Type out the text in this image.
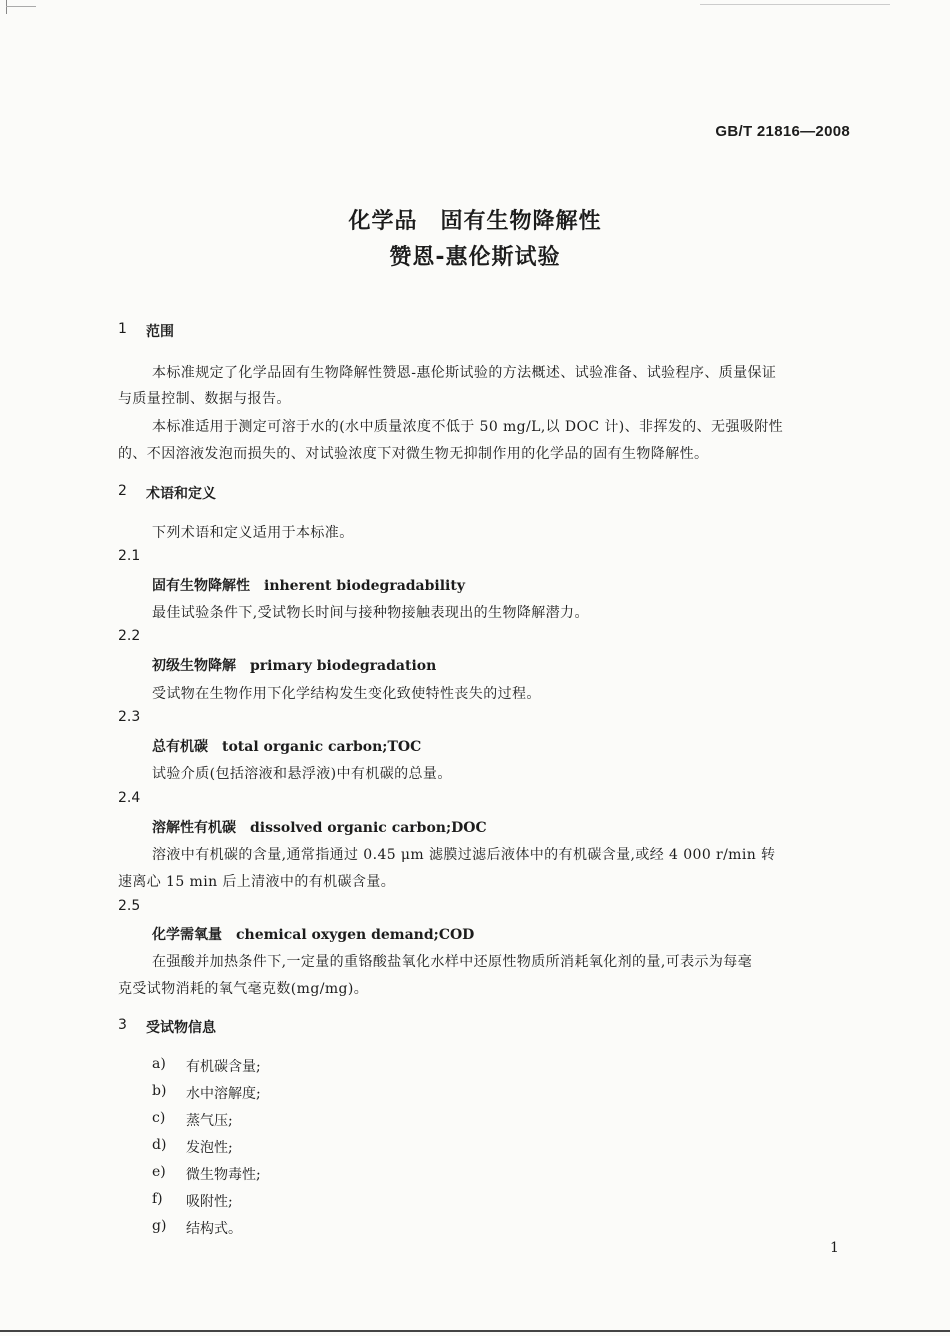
GB/T 21816—2008
化学品　固有生物降解性
赞恩-惠伦斯试验
1 范围
本标准规定了化学品固有生物降解性赞恩-惠伦斯试验的方法概述、试验准备、试验程序、质量保证
与质量控制、数据与报告。
本标准适用于测定可溶于水的(水中质量浓度不低于 50 mg/L,以 DOC 计)、非挥发的、无强吸附性
的、不因溶液发泡而损失的、对试验浓度下对微生物无抑制作用的化学品的固有生物降解性。
2 术语和定义
下列术语和定义适用于本标准。
2.1
固有生物降解性　inherent biodegradability
最佳试验条件下,受试物长时间与接种物接触表现出的生物降解潜力。
2.2
初级生物降解　primary biodegradation
受试物在生物作用下化学结构发生变化致使特性丧失的过程。
2.3
总有机碳　total organic carbon;TOC
试验介质(包括溶液和悬浮液)中有机碳的总量。
2.4
溶解性有机碳　dissolved organic carbon;DOC
溶液中有机碳的含量,通常指通过 0.45 μm 滤膜过滤后液体中的有机碳含量,或经 4 000 r/min 转
速离心 15 min 后上清液中的有机碳含量。
2.5
化学需氧量　chemical oxygen demand;COD
在强酸并加热条件下,一定量的重铬酸盐氧化水样中还原性物质所消耗氧化剂的量,可表示为每毫
克受试物消耗的氧气毫克数(mg/mg)。
3 受试物信息
a) 有机碳含量;
b) 水中溶解度;
c) 蒸气压;
d) 发泡性;
e) 微生物毒性;
f) 吸附性;
g) 结构式。
1
